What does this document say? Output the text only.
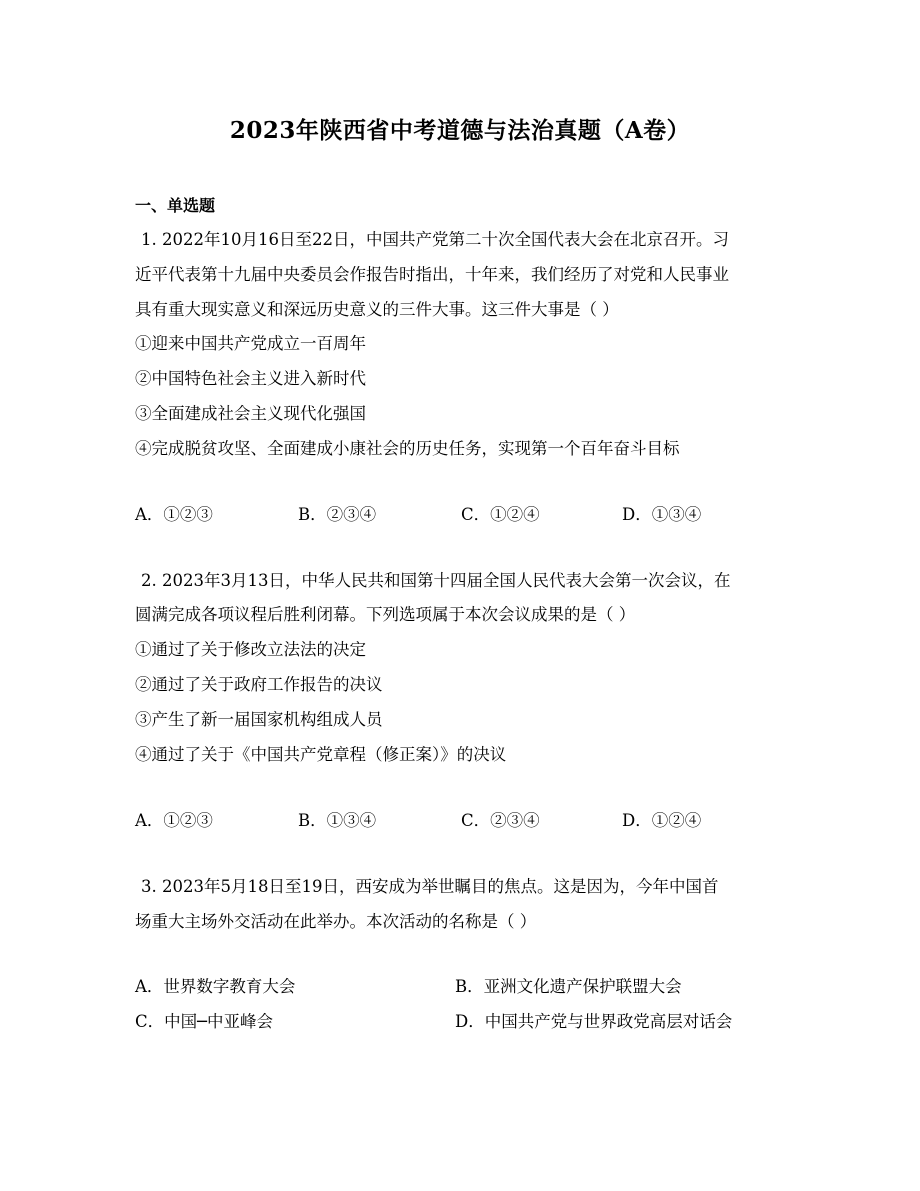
2023年陕西省中考道德与法治真题（A卷）
一、单选题
1. 2022年10月16日至22日，中国共产党第二十次全国代表大会在北京召开。习
近平代表第十九届中央委员会作报告时指出，十年来，我们经历了对党和人民事业
具有重大现实意义和深远历史意义的三件大事。这三件大事是（ ）
①迎来中国共产党成立一百周年
②中国特色社会主义进入新时代
③全面建成社会主义现代化强国
④完成脱贫攻坚、全面建成小康社会的历史任务，实现第一个百年奋斗目标
A．①②③	B．②③④	C．①②④	D．①③④
2. 2023年3月13日，中华人民共和国第十四届全国人民代表大会第一次会议，在
圆满完成各项议程后胜利闭幕。下列选项属于本次会议成果的是（ ）
①通过了关于修改立法法的决定
②通过了关于政府工作报告的决议
③产生了新一届国家机构组成人员
④通过了关于《中国共产党章程（修正案）》的决议
A．①②③	B．①③④	C．②③④	D．①②④
3. 2023年5月18日至19日，西安成为举世瞩目的焦点。这是因为，今年中国首
场重大主场外交活动在此举办。本次活动的名称是（ ）
A．世界数字教育大会	B．亚洲文化遗产保护联盟大会
C．中国─中亚峰会	D．中国共产党与世界政党高层对话会
